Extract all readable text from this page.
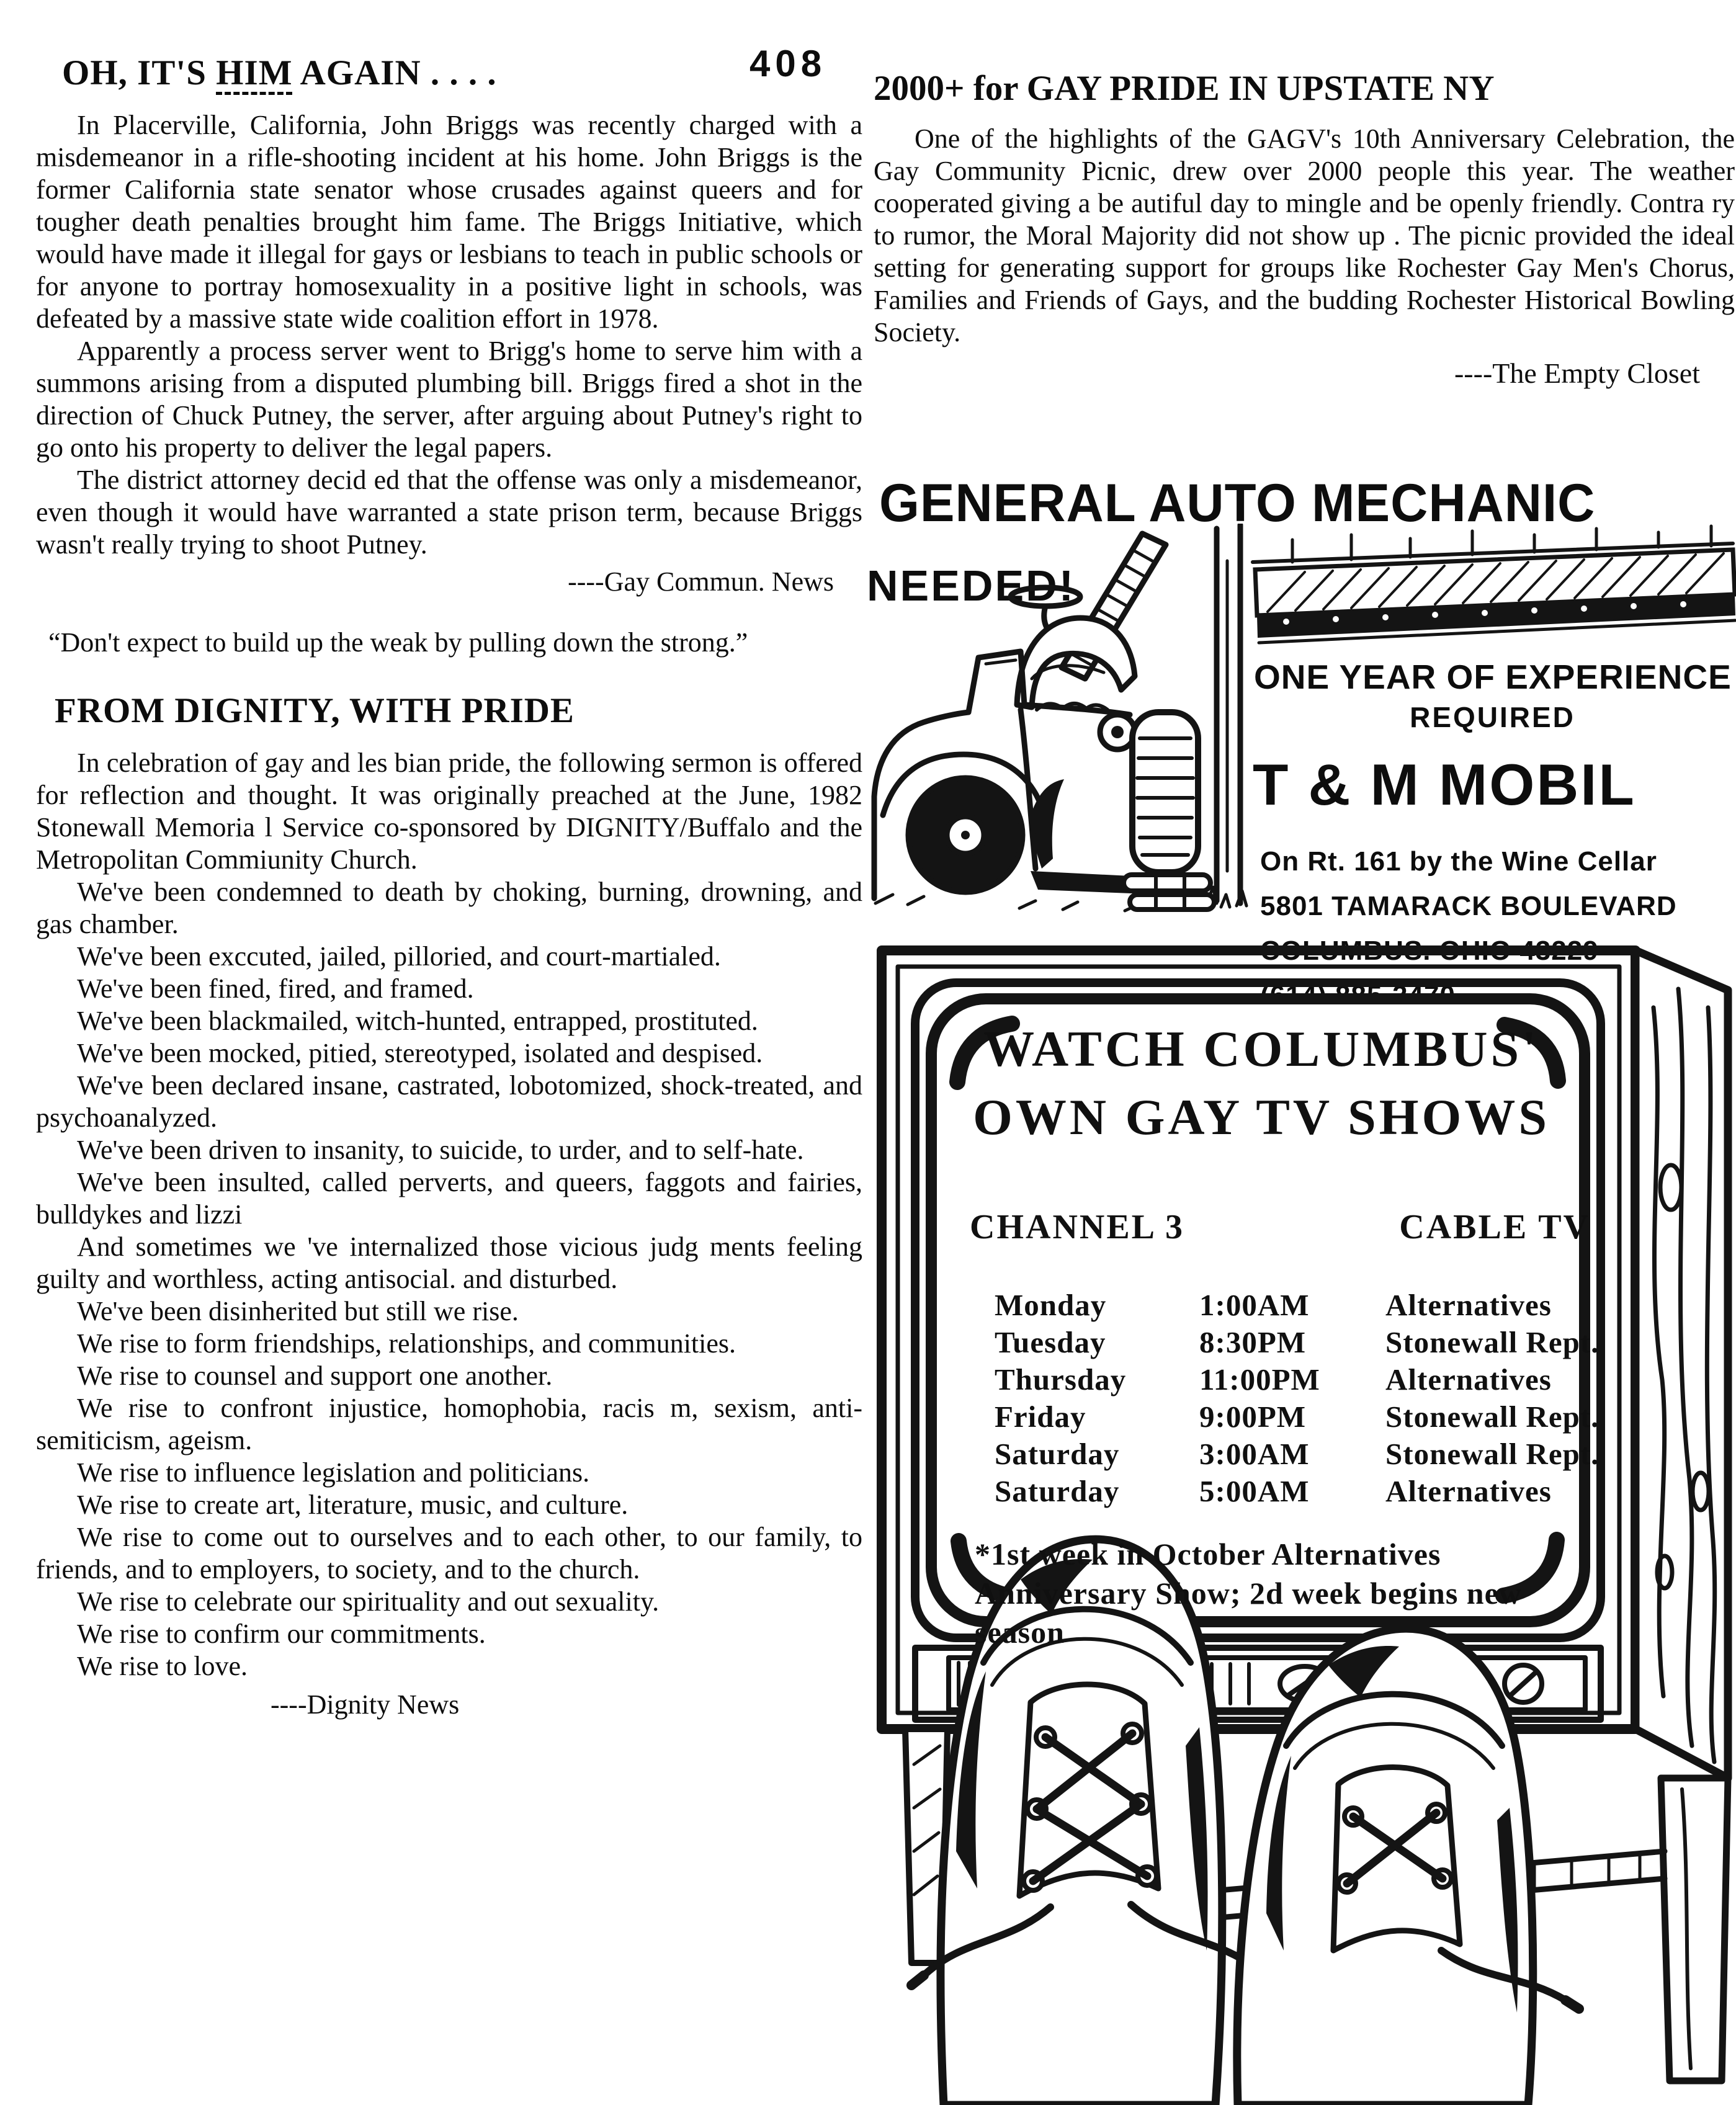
408
OH, IT'S HIM AGAIN . . . .

In Placerville, California, John Briggs was recently charged with a misdemeanor in a rifle-shooting incident at his home. John Briggs is the former California state senator whose crusades against queers and for tougher death penalties brought him fame. The Briggs Initiative, which would have made it illegal for gays or lesbians to teach in public schools or for anyone to portray homosexuality in a positive light in schools, was defeated by a massive state wide coalition effort in 1978.

Apparently a process server went to Brigg's home to serve him with a summons arising from a disputed plumbing bill. Briggs fired a shot in the direction of Chuck Putney, the server, after arguing about Putney's right to go onto his property to deliver the legal papers.

The district attorney decid ed that the offense was only a misdemeanor, even though it would have warranted a state prison term, because Briggs wasn't really trying to shoot Putney.

----Gay Commun. News

“Don't expect to build up the weak by pulling down the strong.”

FROM DIGNITY, WITH PRIDE

In celebration of gay and les bian pride, the following sermon is offered for reflection and thought. It was originally preached at the June, 1982 Stonewall Memoria l Service co-sponsored by DIGNITY/Buffalo and the Metropolitan Commiunity Church.

We've been condemned to death by choking, burning, drowning, and gas chamber.

We've been exccuted, jailed, pilloried, and court-martialed.

We've been fined, fired, and framed.

We've been blackmailed, witch-hunted, entrapped, prostituted.

We've been mocked, pitied, stereotyped, isolated and despised.

We've been declared insane, castrated, lobotomized, shock-treated, and psychoanalyzed.

We've been driven to insanity, to suicide, to urder, and to self-hate.

We've been insulted, called perverts, and queers, faggots and fairies, bulldykes and lizzi

And sometimes we 've internalized those vicious judg ments feeling guilty and worthless, acting antisocial. and disturbed.

We've been disinherited but still we rise.

We rise to form friendships, relationships, and communities.

We rise to counsel and support one another.

We rise to confront injustice, homophobia, racis m, sexism, anti-semiticism, ageism.

We rise to influence legislation and politicians.

We rise to create art, literature, music, and culture.

We rise to come out to ourselves and to each other, to our family, to friends, and to employers, to society, and to the church.

We rise to celebrate our spirituality and out sexuality.

We rise to confirm our commitments.

We rise to love.

----Dignity News
2000+ for GAY PRIDE IN UPSTATE NY

One of the highlights of the GAGV's 10th Anniversary Celebration, the Gay Community Picnic, drew over 2000 people this year. The weather cooperated giving a be autiful day to mingle and be openly friendly. Contra ry to rumor, the Moral Majority did not show up . The picnic provided the ideal setting for generating support for groups like Rochester Gay Men's Chorus, Families and Friends of Gays, and the budding Rochester Historical Bowling Society.

----The Empty Closet
GENERAL AUTO MECHANIC
NEEDED!
ONE YEAR OF EXPERIENCE
REQUIRED
T & M MOBIL
On Rt. 161 by the Wine Cellar
5801 TAMARACK BOULEVARD
COLUMBUS. OHIO 43229
WATCH COLUMBUS'
OWN GAY TV SHOWS
CHANNEL 3	CABLE TV
Monday	1:00AM	Alternatives
Tuesday	8:30PM	Stonewall Rept.
Thursday	11:00PM	Alternatives
Friday	9:00PM	Stonewall Rept.
Saturday	3:00AM	Stonewall Rept.
Saturday	5:00AM	Alternatives
*1st week in October Alternatives Anniversary Show; 2d week begins new season
